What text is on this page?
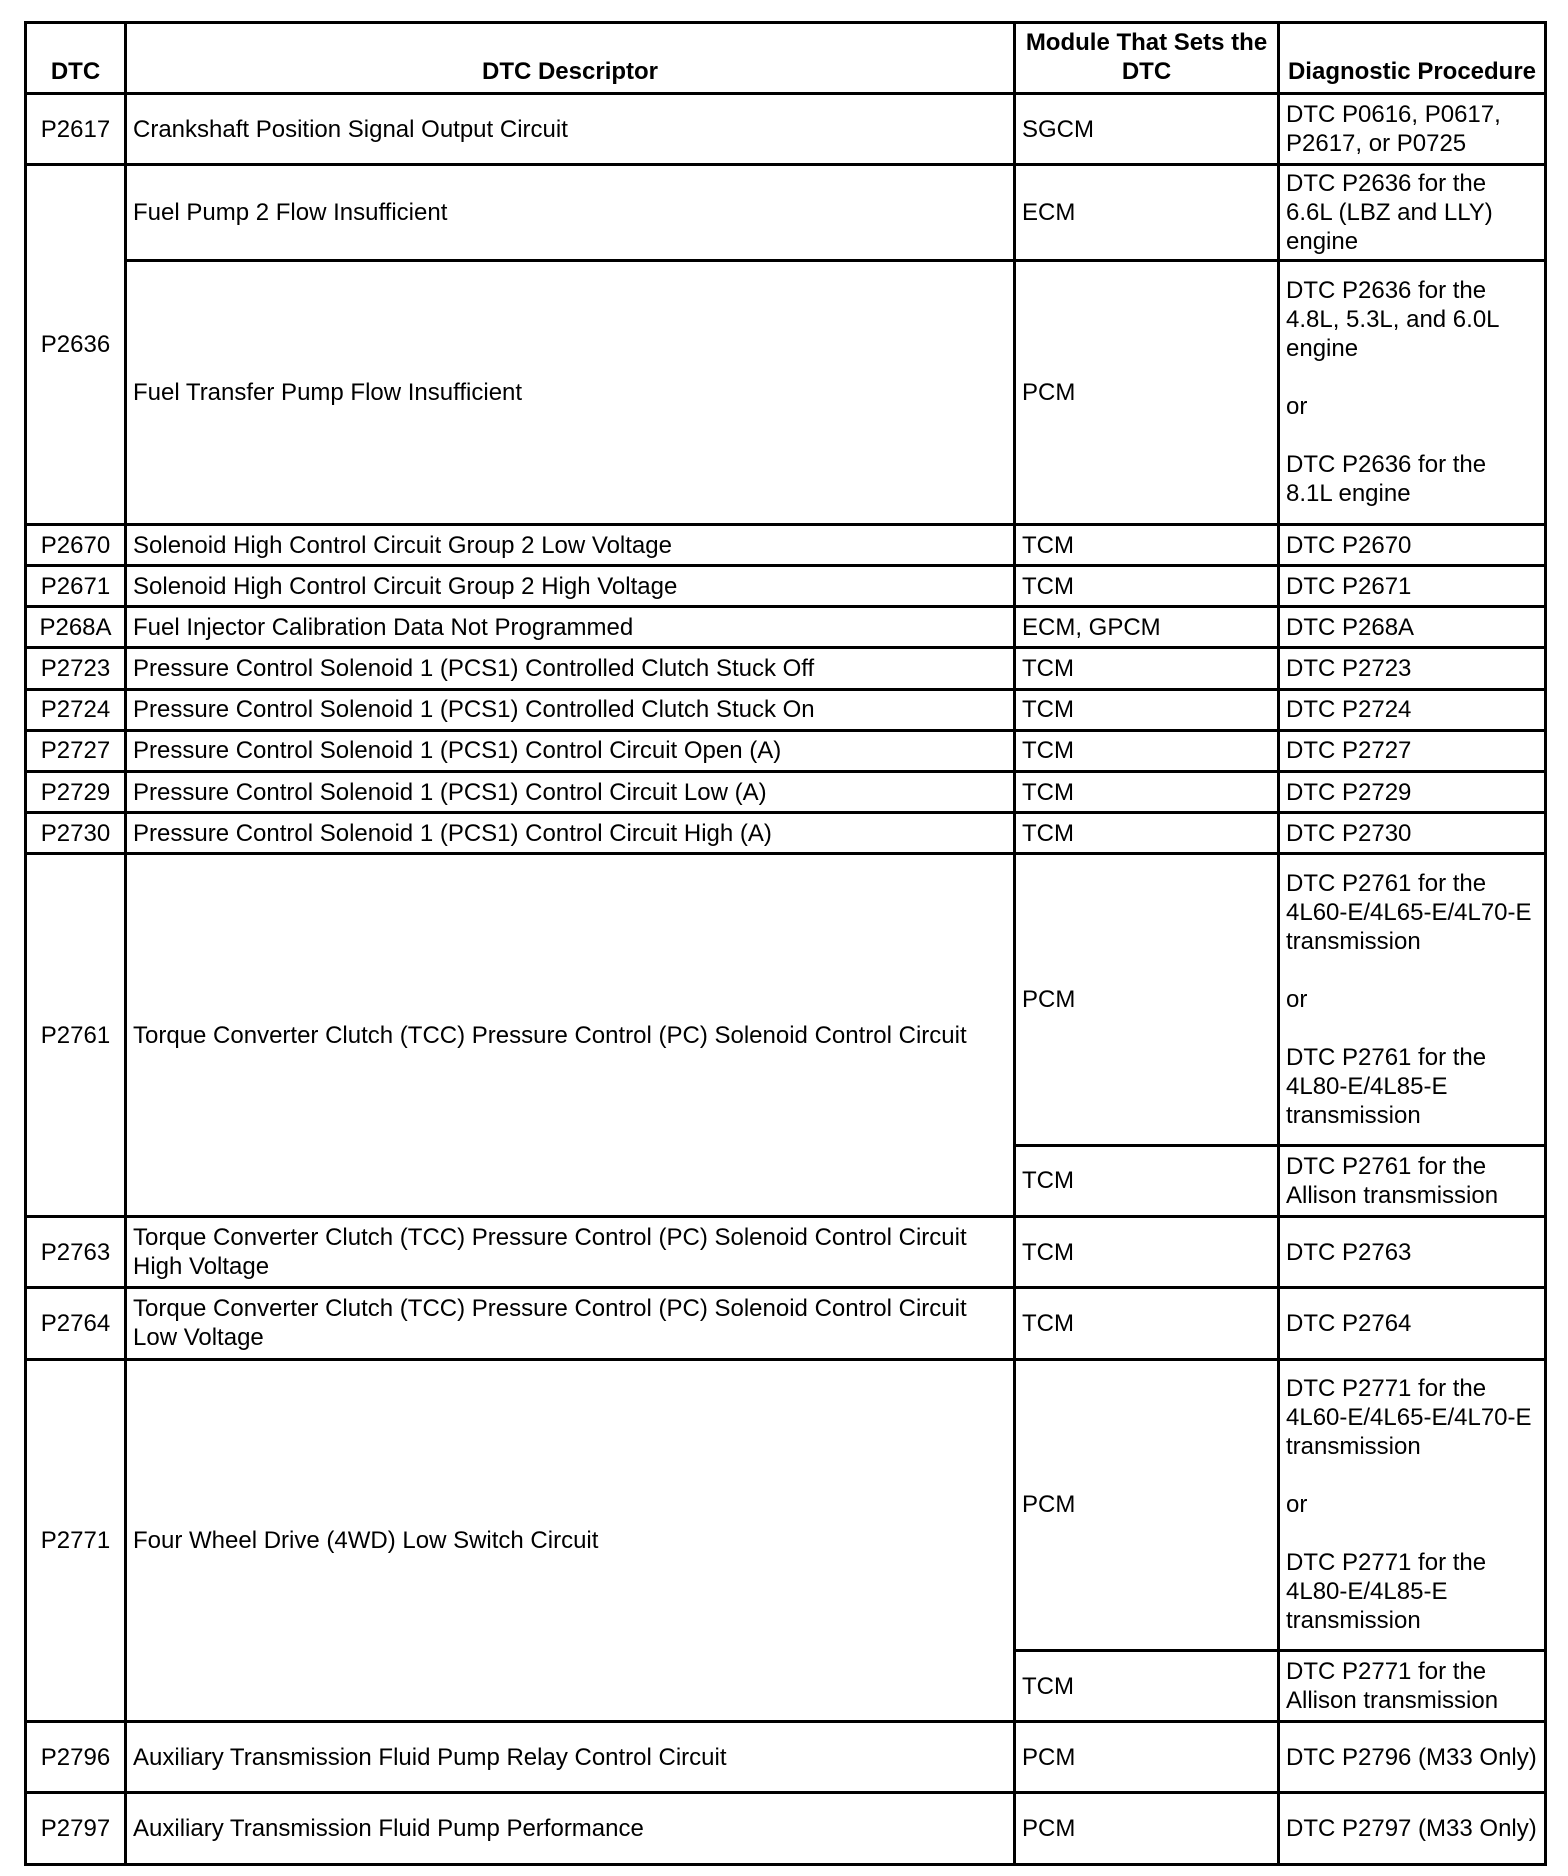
DTC	DTC Descriptor	Module That Sets the DTC	Diagnostic Procedure
P2617	Crankshaft Position Signal Output Circuit	SGCM	DTC P0616, P0617, P2617, or P0725
P2636	Fuel Pump 2 Flow Insufficient	ECM	DTC P2636 for the 6.6L (LBZ and LLY) engine
	Fuel Transfer Pump Flow Insufficient	PCM	DTC P2636 for the 4.8L, 5.3L, and 6.0L engine

or

DTC P2636 for the 8.1L engine
P2670	Solenoid High Control Circuit Group 2 Low Voltage	TCM	DTC P2670
P2671	Solenoid High Control Circuit Group 2 High Voltage	TCM	DTC P2671
P268A	Fuel Injector Calibration Data Not Programmed	ECM, GPCM	DTC P268A
P2723	Pressure Control Solenoid 1 (PCS1) Controlled Clutch Stuck Off	TCM	DTC P2723
P2724	Pressure Control Solenoid 1 (PCS1) Controlled Clutch Stuck On	TCM	DTC P2724
P2727	Pressure Control Solenoid 1 (PCS1) Control Circuit Open (A)	TCM	DTC P2727
P2729	Pressure Control Solenoid 1 (PCS1) Control Circuit Low (A)	TCM	DTC P2729
P2730	Pressure Control Solenoid 1 (PCS1) Control Circuit High (A)	TCM	DTC P2730
P2761	Torque Converter Clutch (TCC) Pressure Control (PC) Solenoid Control Circuit	PCM	DTC P2761 for the 4L60-E/4L65-E/4L70-E transmission

or

DTC P2761 for the 4L80-E/4L85-E transmission
		TCM	DTC P2761 for the Allison transmission
P2763	Torque Converter Clutch (TCC) Pressure Control (PC) Solenoid Control Circuit High Voltage	TCM	DTC P2763
P2764	Torque Converter Clutch (TCC) Pressure Control (PC) Solenoid Control Circuit Low Voltage	TCM	DTC P2764
P2771	Four Wheel Drive (4WD) Low Switch Circuit	PCM	DTC P2771 for the 4L60-E/4L65-E/4L70-E transmission

or

DTC P2771 for the 4L80-E/4L85-E transmission
		TCM	DTC P2771 for the Allison transmission
P2796	Auxiliary Transmission Fluid Pump Relay Control Circuit	PCM	DTC P2796 (M33 Only)
P2797	Auxiliary Transmission Fluid Pump Performance	PCM	DTC P2797 (M33 Only)
